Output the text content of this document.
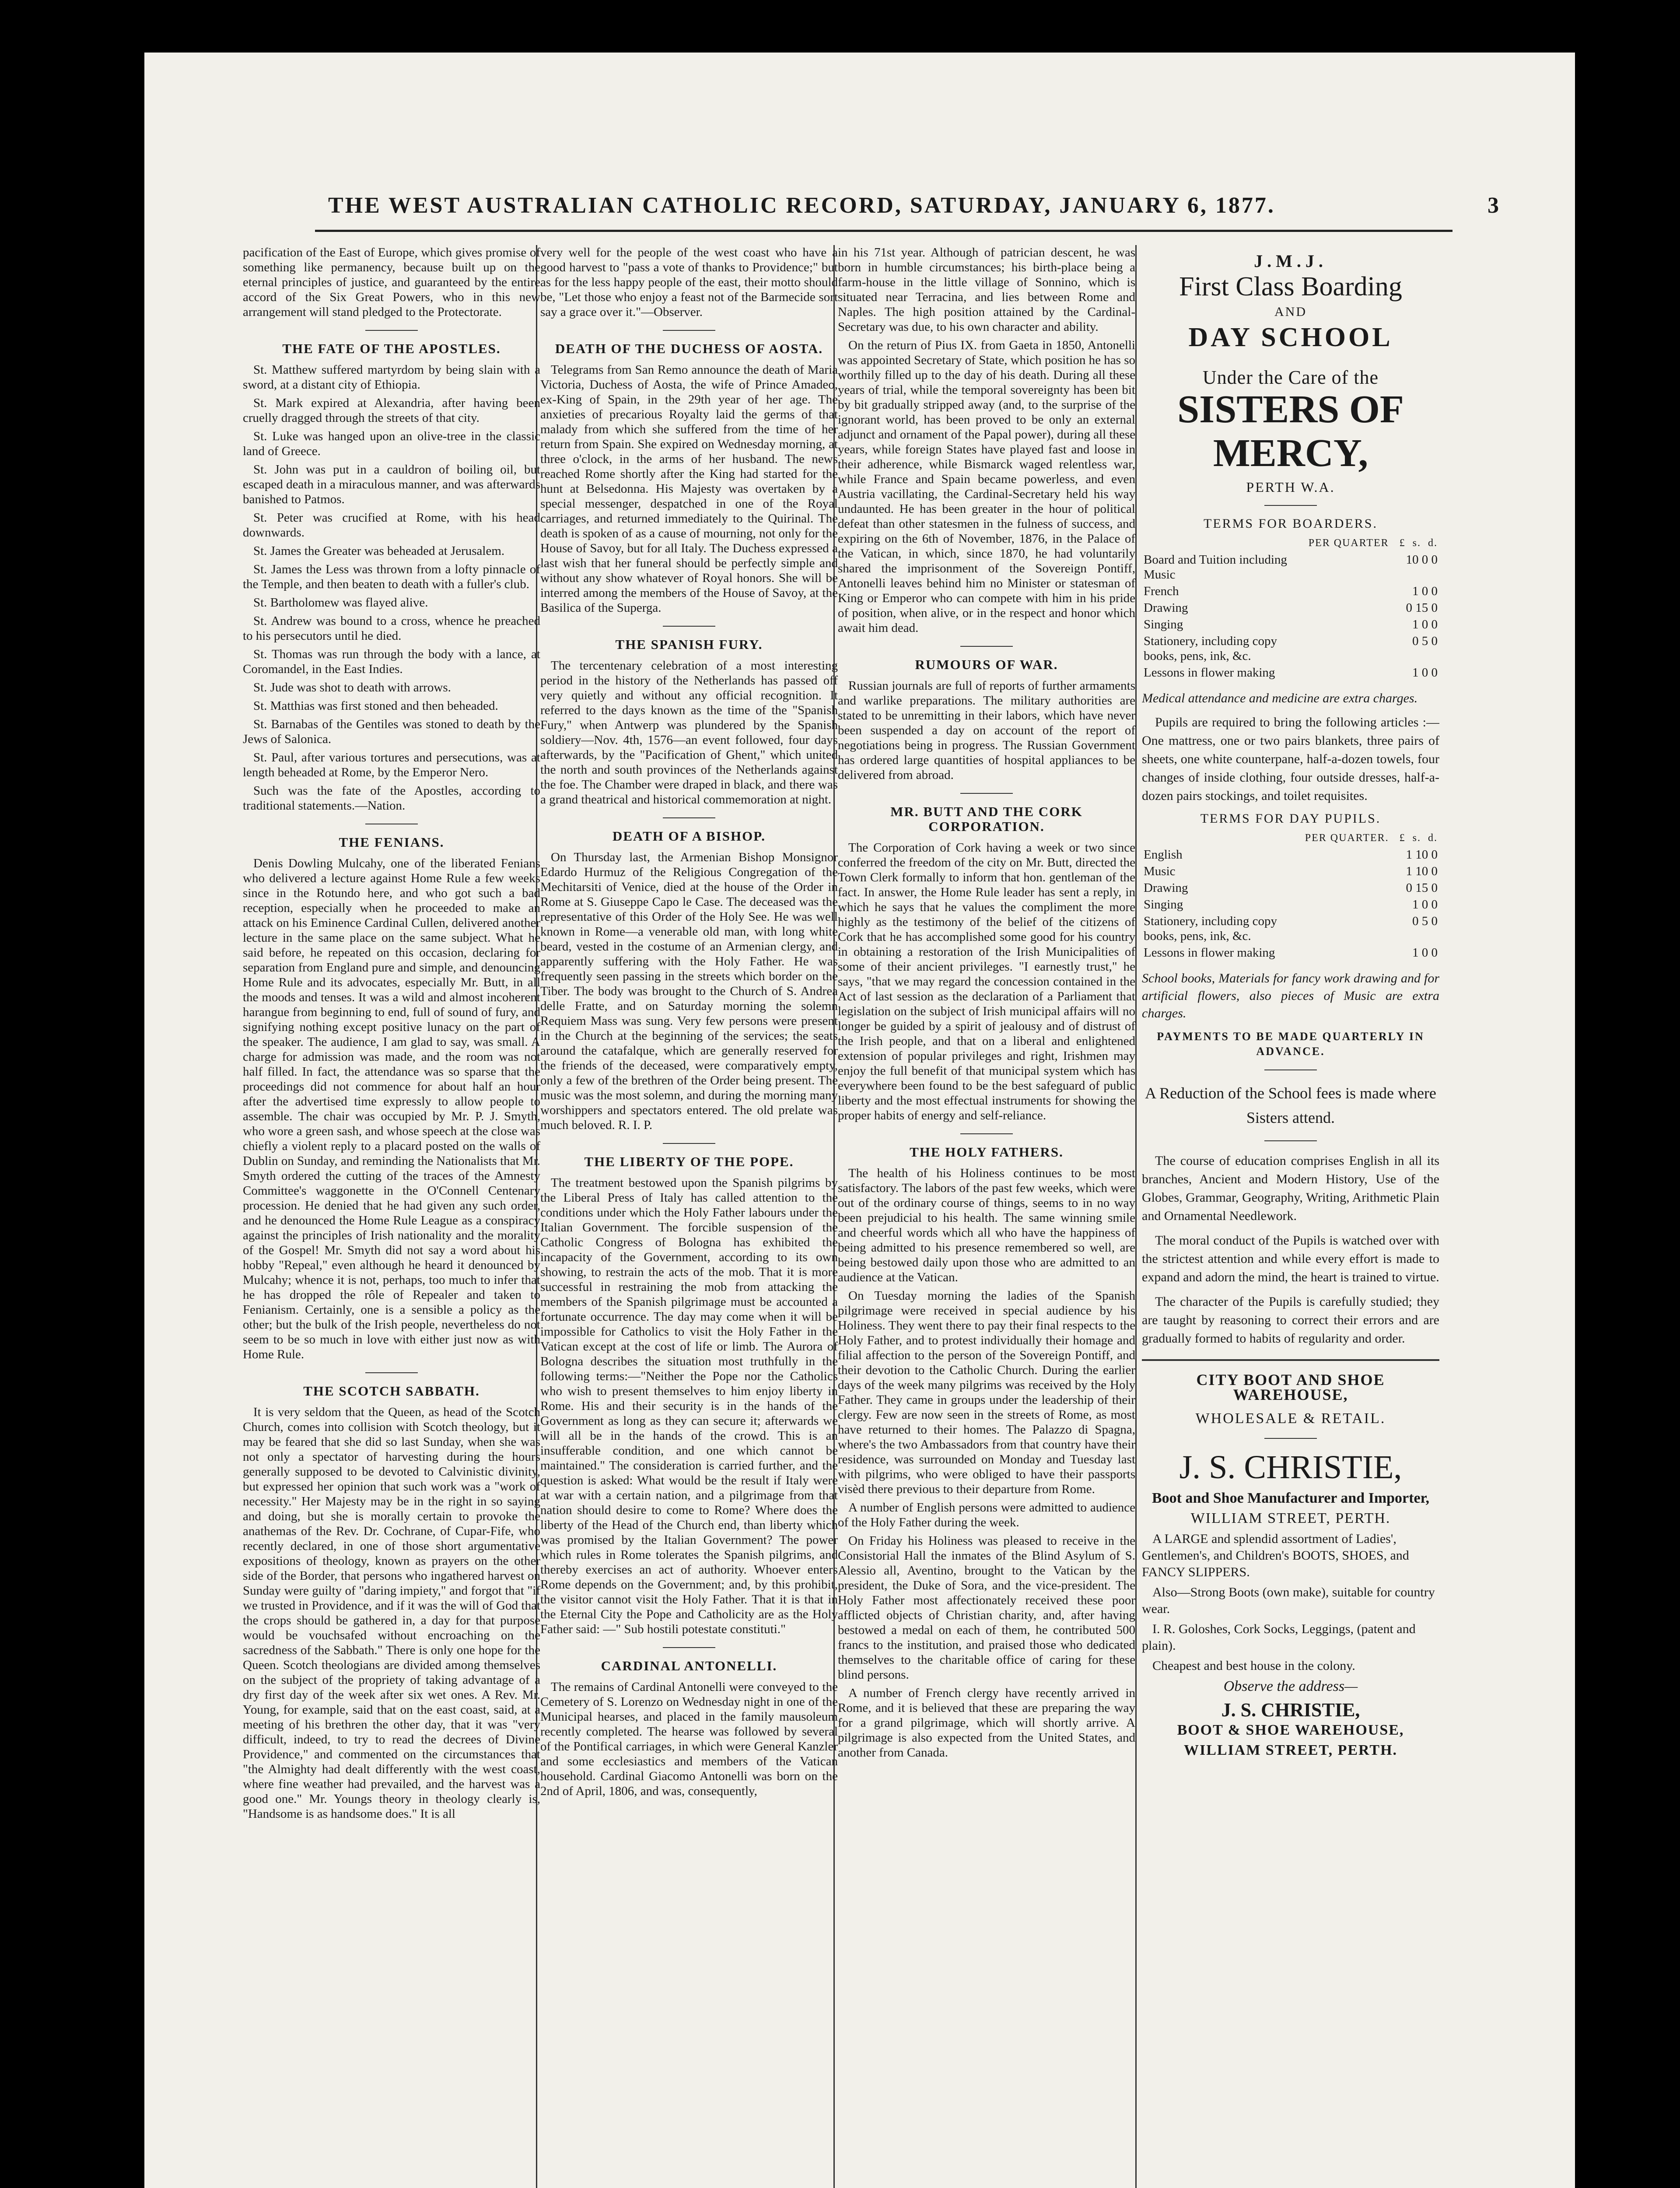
THE WEST AUSTRALIAN CATHOLIC RECORD, SATURDAY, JANUARY 6, 1877.	3

pacification of the East of Europe, which gives promise of something like permanency, because built up on the eternal principles of justice, and guaranteed by the entire accord of the Six Great Powers, who in this new arrangement will stand pledged to the Protectorate.

THE FATE OF THE APOSTLES.

St. Matthew suffered martyrdom by being slain with a sword, at a distant city of Ethiopia.

St. Mark expired at Alexandria, after having been cruelly dragged through the streets of that city.

St. Luke was hanged upon an olive-tree in the classic land of Greece.

St. John was put in a cauldron of boiling oil, but escaped death in a miraculous manner, and was afterwards banished to Patmos.

St. Peter was crucified at Rome, with his head downwards.

St. James the Greater was beheaded at Jerusalem.

St. James the Less was thrown from a lofty pinnacle of the Temple, and then beaten to death with a fuller's club.

St. Bartholomew was flayed alive.

St. Andrew was bound to a cross, whence he preached to his persecutors until he died.

St. Thomas was run through the body with a lance, at Coromandel, in the East Indies.

St. Jude was shot to death with arrows.

St. Matthias was first stoned and then beheaded.

St. Barnabas of the Gentiles was stoned to death by the Jews of Salonica.

St. Paul, after various tortures and persecutions, was at length beheaded at Rome, by the Emperor Nero.

Such was the fate of the Apostles, according to traditional statements.—Nation.

THE FENIANS.

Denis Dowling Mulcahy, one of the liberated Fenians who delivered a lecture against Home Rule a few weeks since in the Rotundo here, and who got such a bad reception, especially when he proceeded to make an attack on his Eminence Cardinal Cullen, delivered another lecture in the same place on the same subject. What he said before, he repeated on this occasion, declaring for separation from England pure and simple, and denouncing Home Rule and its advocates, especially Mr. Butt, in all the moods and tenses. It was a wild and almost incoherent harangue from beginning to end, full of sound of fury, and signifying nothing except positive lunacy on the part of the speaker. The audience, I am glad to say, was small. A charge for admission was made, and the room was not half filled. In fact, the attendance was so sparse that the proceedings did not commence for about half an hour after the advertised time expressly to allow people to assemble. The chair was occupied by Mr. P. J. Smyth, who wore a green sash, and whose speech at the close was chiefly a violent reply to a placard posted on the walls of Dublin on Sunday, and reminding the Nationalists that Mr. Smyth ordered the cutting of the traces of the Amnesty Committee's waggonette in the O'Connell Centenary procession. He denied that he had given any such order, and he denounced the Home Rule League as a conspiracy against the principles of Irish nationality and the morality of the Gospel! Mr. Smyth did not say a word about his hobby "Repeal," even although he heard it denounced by Mulcahy; whence it is not, perhaps, too much to infer that he has dropped the rôle of Repealer and taken to Fenianism. Certainly, one is a sensible a policy as the other; but the bulk of the Irish people, nevertheless do not seem to be so much in love with either just now as with Home Rule.

THE SCOTCH SABBATH.

It is very seldom that the Queen, as head of the Scotch Church, comes into collision with Scotch theology, but it may be feared that she did so last Sunday, when she was not only a spectator of harvesting during the hours generally supposed to be devoted to Calvinistic divinity, but expressed her opinion that such work was a "work of necessity." Her Majesty may be in the right in so saying and doing, but she is morally certain to provoke the anathemas of the Rev. Dr. Cochrane, of Cupar-Fife, who recently declared, in one of those short argumentative expositions of theology, known as prayers on the other side of the Border, that persons who ingathered harvest on Sunday were guilty of "daring impiety," and forgot that "if we trusted in Providence, and if it was the will of God that the crops should be gathered in, a day for that purpose would be vouchsafed without encroaching on the sacredness of the Sabbath." There is only one hope for the Queen. Scotch theologians are divided among themselves on the subject of the propriety of taking advantage of a dry first day of the week after six wet ones. A Rev. Mr. Young, for example, said that on the east coast, said, at a meeting of his brethren the other day, that it was "very difficult, indeed, to try to read the decrees of Divine Providence," and commented on the circumstances that "the Almighty had dealt differently with the west coast, where fine weather had prevailed, and the harvest was a good one." Mr. Youngs theory in theology clearly is, "Handsome is as handsome does." It is all

very well for the people of the west coast who have a good harvest to "pass a vote of thanks to Providence;" but as for the less happy people of the east, their motto should be, "Let those who enjoy a feast not of the Barmecide sort say a grace over it."—Observer.

DEATH OF THE DUCHESS OF AOSTA.

Telegrams from San Remo announce the death of Maria Victoria, Duchess of Aosta, the wife of Prince Amadeo, ex-King of Spain, in the 29th year of her age. The anxieties of precarious Royalty laid the germs of that malady from which she suffered from the time of her return from Spain. She expired on Wednesday morning, at three o'clock, in the arms of her husband. The news reached Rome shortly after the King had started for the hunt at Belsedonna. His Majesty was overtaken by a special messenger, despatched in one of the Royal carriages, and returned immediately to the Quirinal. The death is spoken of as a cause of mourning, not only for the House of Savoy, but for all Italy. The Duchess expressed a last wish that her funeral should be perfectly simple and without any show whatever of Royal honors. She will be interred among the members of the House of Savoy, at the Basilica of the Superga.

THE SPANISH FURY.

The tercentenary celebration of a most interesting period in the history of the Netherlands has passed off very quietly and without any official recognition. It referred to the days known as the time of the "Spanish Fury," when Antwerp was plundered by the Spanish soldiery—Nov. 4th, 1576—an event followed, four days afterwards, by the "Pacification of Ghent," which united the north and south provinces of the Netherlands against the foe. The Chamber were draped in black, and there was a grand theatrical and historical commemoration at night.

DEATH OF A BISHOP.

On Thursday last, the Armenian Bishop Monsignor Edardo Hurmuz of the Religious Congregation of the Mechitarsiti of Venice, died at the house of the Order in Rome at S. Giuseppe Capo le Case. The deceased was the representative of this Order of the Holy See. He was well known in Rome—a venerable old man, with long white beard, vested in the costume of an Armenian clergy, and apparently suffering with the Holy Father. He was frequently seen passing in the streets which border on the Tiber. The body was brought to the Church of S. Andrea delle Fratte, and on Saturday morning the solemn Requiem Mass was sung. Very few persons were present in the Church at the beginning of the services; the seats around the catafalque, which are generally reserved for the friends of the deceased, were comparatively empty, only a few of the brethren of the Order being present. The music was the most solemn, and during the morning many worshippers and spectators entered. The old prelate was much beloved. R. I. P.

THE LIBERTY OF THE POPE.

The treatment bestowed upon the Spanish pilgrims by the Liberal Press of Italy has called attention to the conditions under which the Holy Father labours under the Italian Government. The forcible suspension of the Catholic Congress of Bologna has exhibited the incapacity of the Government, according to its own showing, to restrain the acts of the mob. That it is more successful in restraining the mob from attacking the members of the Spanish pilgrimage must be accounted a fortunate occurrence. The day may come when it will be impossible for Catholics to visit the Holy Father in the Vatican except at the cost of life or limb. The Aurora of Bologna describes the situation most truthfully in the following terms:—"Neither the Pope nor the Catholics who wish to present themselves to him enjoy liberty in Rome. His and their security is in the hands of the Government as long as they can secure it; afterwards we will all be in the hands of the crowd. This is an insufferable condition, and one which cannot be maintained." The consideration is carried further, and the question is asked: What would be the result if Italy were at war with a certain nation, and a pilgrimage from that nation should desire to come to Rome? Where does the liberty of the Head of the Church end, than liberty which was promised by the Italian Government? The power which rules in Rome tolerates the Spanish pilgrims, and thereby exercises an act of authority. Whoever enters Rome depends on the Government; and, by this prohibit, the visitor cannot visit the Holy Father. That it is that in the Eternal City the Pope and Catholicity are as the Holy Father said: —" Sub hostili potestate constituti."

CARDINAL ANTONELLI.

The remains of Cardinal Antonelli were conveyed to the Cemetery of S. Lorenzo on Wednesday night in one of the Municipal hearses, and placed in the family mausoleum recently completed. The hearse was followed by several of the Pontifical carriages, in which were General Kanzler and some ecclesiastics and members of the Vatican household. Cardinal Giacomo Antonelli was born on the 2nd of April, 1806, and was, consequently,

in his 71st year. Although of patrician descent, he was born in humble circumstances; his birth-place being a farm-house in the little village of Sonnino, which is situated near Terracina, and lies between Rome and Naples. The high position attained by the Cardinal-Secretary was due, to his own character and ability.

On the return of Pius IX. from Gaeta in 1850, Antonelli was appointed Secretary of State, which position he has so worthily filled up to the day of his death. During all these years of trial, while the temporal sovereignty has been bit by bit gradually stripped away (and, to the surprise of the ignorant world, has been proved to be only an external adjunct and ornament of the Papal power), during all these years, while foreign States have played fast and loose in their adherence, while Bismarck waged relentless war, while France and Spain became powerless, and even Austria vacillating, the Cardinal-Secretary held his way undaunted. He has been greater in the hour of political defeat than other statesmen in the fulness of success, and expiring on the 6th of November, 1876, in the Palace of the Vatican, in which, since 1870, he had voluntarily shared the imprisonment of the Sovereign Pontiff, Antonelli leaves behind him no Minister or statesman of King or Emperor who can compete with him in his pride of position, when alive, or in the respect and honor which await him dead.

RUMOURS OF WAR.

Russian journals are full of reports of further armaments and warlike preparations. The military authorities are stated to be unremitting in their labors, which have never been suspended a day on account of the report of negotiations being in progress. The Russian Government has ordered large quantities of hospital appliances to be delivered from abroad.

MR. BUTT AND THE CORK CORPORATION.

The Corporation of Cork having a week or two since conferred the freedom of the city on Mr. Butt, directed the Town Clerk formally to inform that hon. gentleman of the fact. In answer, the Home Rule leader has sent a reply, in which he says that he values the compliment the more highly as the testimony of the belief of the citizens of Cork that he has accomplished some good for his country in obtaining a restoration of the Irish Municipalities of some of their ancient privileges. "I earnestly trust," he says, "that we may regard the concession contained in the Act of last session as the declaration of a Parliament that legislation on the subject of Irish municipal affairs will no longer be guided by a spirit of jealousy and of distrust of the Irish people, and that on a liberal and enlightened extension of popular privileges and right, Irishmen may enjoy the full benefit of that municipal system which has everywhere been found to be the best safeguard of public liberty and the most effectual instruments for showing the proper habits of energy and self-reliance.

THE HOLY FATHERS.

The health of his Holiness continues to be most satisfactory. The labors of the past few weeks, which were out of the ordinary course of things, seems to in no way been prejudicial to his health. The same winning smile and cheerful words which all who have the happiness of being admitted to his presence remembered so well, are being bestowed daily upon those who are admitted to an audience at the Vatican.

On Tuesday morning the ladies of the Spanish pilgrimage were received in special audience by his Holiness. They went there to pay their final respects to the Holy Father, and to protest individually their homage and filial affection to the person of the Sovereign Pontiff, and their devotion to the Catholic Church. During the earlier days of the week many pilgrims was received by the Holy Father. They came in groups under the leadership of their clergy. Few are now seen in the streets of Rome, as most have returned to their homes. The Palazzo di Spagna, where's the two Ambassadors from that country have their residence, was surrounded on Monday and Tuesday last with pilgrims, who were obliged to have their passports visèd there previous to their departure from Rome.

A number of English persons were admitted to audience of the Holy Father during the week.

On Friday his Holiness was pleased to receive in the Consistorial Hall the inmates of the Blind Asylum of S. Alessio all, Aventino, brought to the Vatican by the president, the Duke of Sora, and the vice-president. The Holy Father most affectionately received these poor afflicted objects of Christian charity, and, after having bestowed a medal on each of them, he contributed 500 francs to the institution, and praised those who dedicated themselves to the charitable office of caring for these blind persons.

A number of French clergy have recently arrived in Rome, and it is believed that these are preparing the way for a grand pilgrimage, which will shortly arrive. A pilgrimage is also expected from the United States, and another from Canada.

J.M.J.
First Class Boarding
AND
DAY SCHOOL
Under the Care of the
SISTERS OF MERCY,
PERTH W.A.
TERMS FOR BOARDERS.
	PER QUARTER £ s. d.
Board and Tuition including Music	10 0 0
French	1 0 0
Drawing	0 15 0
Singing	1 0 0
Stationery, including copy books, pens, ink, &c.	0 5 0
Lessons in flower making	1 0 0
Medical attendance and medicine are extra charges.
Pupils are required to bring the following articles :—One mattress, one or two pairs blankets, three pairs of sheets, one white counterpane, half-a-dozen towels, four changes of inside clothing, four outside dresses, half-a-dozen pairs stockings, and toilet requisites.
TERMS FOR DAY PUPILS.
	PER QUARTER. £ s. d.
English	1 10 0
Music	1 10 0
Drawing	0 15 0
Singing	1 0 0
Stationery, including copy books, pens, ink, &c.	0 5 0
Lessons in flower making	1 0 0
School books, Materials for fancy work drawing and for artificial flowers, also pieces of Music are extra charges.
PAYMENTS TO BE MADE QUARTERLY IN ADVANCE.
A Reduction of the School fees is made where Sisters attend.
The course of education comprises English in all its branches, Ancient and Modern History, Use of the Globes, Grammar, Geography, Writing, Arithmetic Plain and Ornamental Needlework.
The moral conduct of the Pupils is watched over with the strictest attention and while every effort is made to expand and adorn the mind, the heart is trained to virtue.
The character of the Pupils is carefully studied; they are taught by reasoning to correct their errors and are gradually formed to habits of regularity and order.
CITY BOOT AND SHOE WAREHOUSE,
WHOLESALE & RETAIL.
J. S. CHRISTIE,
Boot and Shoe Manufacturer and Importer,
WILLIAM STREET, PERTH.

A LARGE and splendid assortment of Ladies', Gentlemen's, and Children's BOOTS, SHOES, and FANCY SLIPPERS.

Also—Strong Boots (own make), suitable for country wear.

I. R. Goloshes, Cork Socks, Leggings, (patent and plain).

Cheapest and best house in the colony.

Observe the address—
J. S. CHRISTIE,
BOOT & SHOE WAREHOUSE,
WILLIAM STREET, PERTH.
